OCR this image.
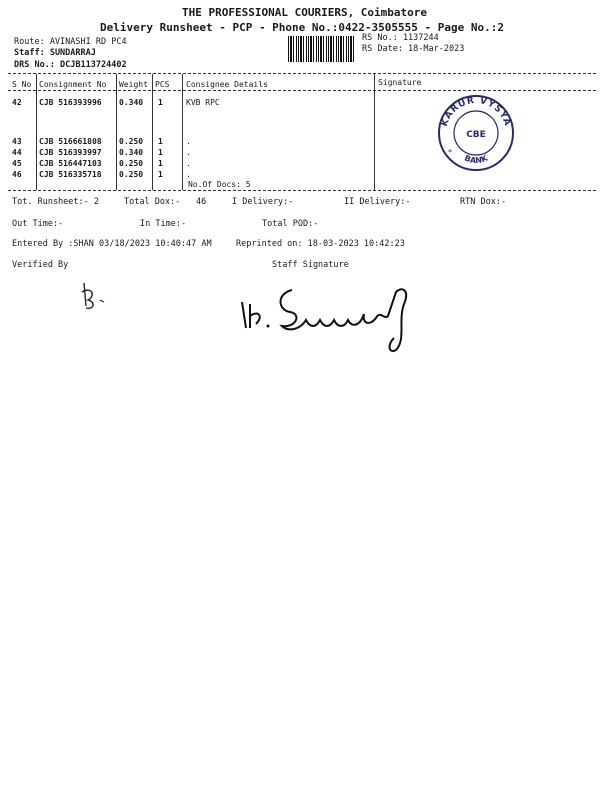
THE PROFESSIONAL COURIERS, Coimbatore
Delivery Runsheet - PCP - Phone No.:0422-3505555 - Page No.:2
Route: AVINASHI RD PC4
Staff: SUNDARRAJ
DRS No.: DCJB113724402
RS No.: 1137244
RS Date: 18-Mar-2023
S No Consignment No Weight PCS Consignee Details	Signature
42 CJB 516393996 0.340 1	KVB RPC
43 CJB 516661808 0.250 1	.
44 CJB 516393997 0.340 1	.
45 CJB 516447103 0.250 1	.
46 CJB 516335718 0.250 1	.
No.Of Docs: 5
KARUR VYSYA
BANK
CBE
*
Tot. Runsheet:- 2	Total Dox:- 46	I Delivery:-	II Delivery:-	RTN Dox:-
Out Time:-	In Time:-	Total POD:-
Entered By :SHAN 03/18/2023 10:40:47 AM	Reprinted on: 18-03-2023 10:42:23
Verified By	Staff Signature
